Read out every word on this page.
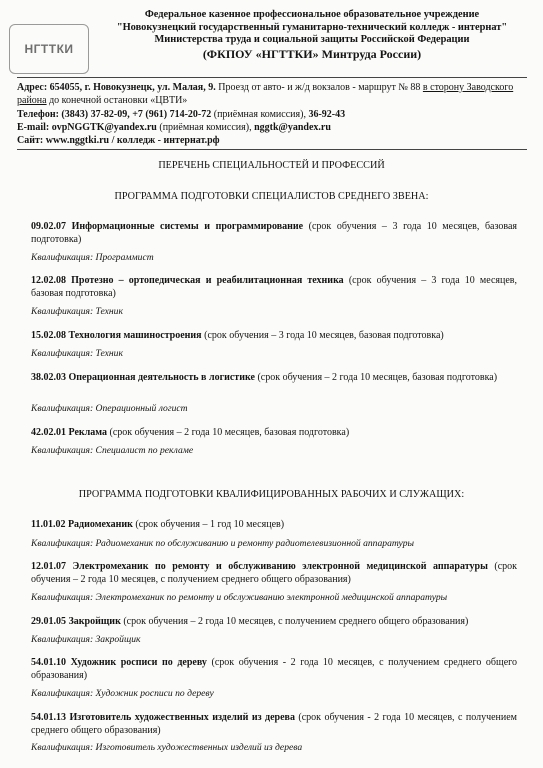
НГТТКИ
Федеральное казенное профессиональное образовательное учреждение
"Новокузнецкий государственный гуманитарно-технический колледж - интернат"
Министерства труда и социальной защиты Российской Федерации
(ФКПОУ «НГТТКИ» Минтруда России)
Адрес: 654055, г. Новокузнецк, ул. Малая, 9. Проезд от авто- и ж/д вокзалов - маршрут № 88 в сторону Заводского района до конечной остановки «ЦВТИ»
Телефон: (3843) 37-82-09, +7 (961) 714-20-72 (приёмная комиссия), 36-92-43
E-mail: ovpNGGTK@yandex.ru (приёмная комиссия), nggtk@yandex.ru
Сайт: www.nggtki.ru / колледж - интернат.рф
ПЕРЕЧЕНЬ СПЕЦИАЛЬНОСТЕЙ И ПРОФЕССИЙ
ПРОГРАММА ПОДГОТОВКИ СПЕЦИАЛИСТОВ СРЕДНЕГО ЗВЕНА:
09.02.07 Информационные системы и программирование (срок обучения – 3 года 10 месяцев, базовая подготовка)
Квалификация: Программист
12.02.08 Протезно – ортопедическая и реабилитационная техника (срок обучения – 3 года 10 месяцев, базовая подготовка)
Квалификация: Техник
15.02.08 Технология машиностроения (срок обучения – 3 года 10 месяцев, базовая подготовка)
Квалификация: Техник
38.02.03 Операционная деятельность в логистике (срок обучения – 2 года 10 месяцев, базовая подготовка)
Квалификация: Операционный логист
42.02.01 Реклама (срок обучения – 2 года 10 месяцев, базовая подготовка)
Квалификация: Специалист по рекламе
ПРОГРАММА ПОДГОТОВКИ КВАЛИФИЦИРОВАННЫХ РАБОЧИХ И СЛУЖАЩИХ:
11.01.02 Радиомеханик (срок обучения – 1 год 10 месяцев)
Квалификация: Радиомеханик по обслуживанию и ремонту радиотелевизионной аппаратуры
12.01.07 Электромеханик по ремонту и обслуживанию электронной медицинской аппаратуры (срок обучения – 2 года 10 месяцев, с получением среднего общего образования)
Квалификация: Электромеханик по ремонту и обслуживанию электронной медицинской аппаратуры
29.01.05 Закройщик (срок обучения – 2 года 10 месяцев, с получением среднего общего образования)
Квалификация: Закройщик
54.01.10 Художник росписи по дереву (срок обучения - 2 года 10 месяцев, с получением среднего общего образования)
Квалификация: Художник росписи по дереву
54.01.13 Изготовитель художественных изделий из дерева (срок обучения - 2 года 10 месяцев, с получением среднего общего образования)
Квалификация: Изготовитель художественных изделий из дерева
